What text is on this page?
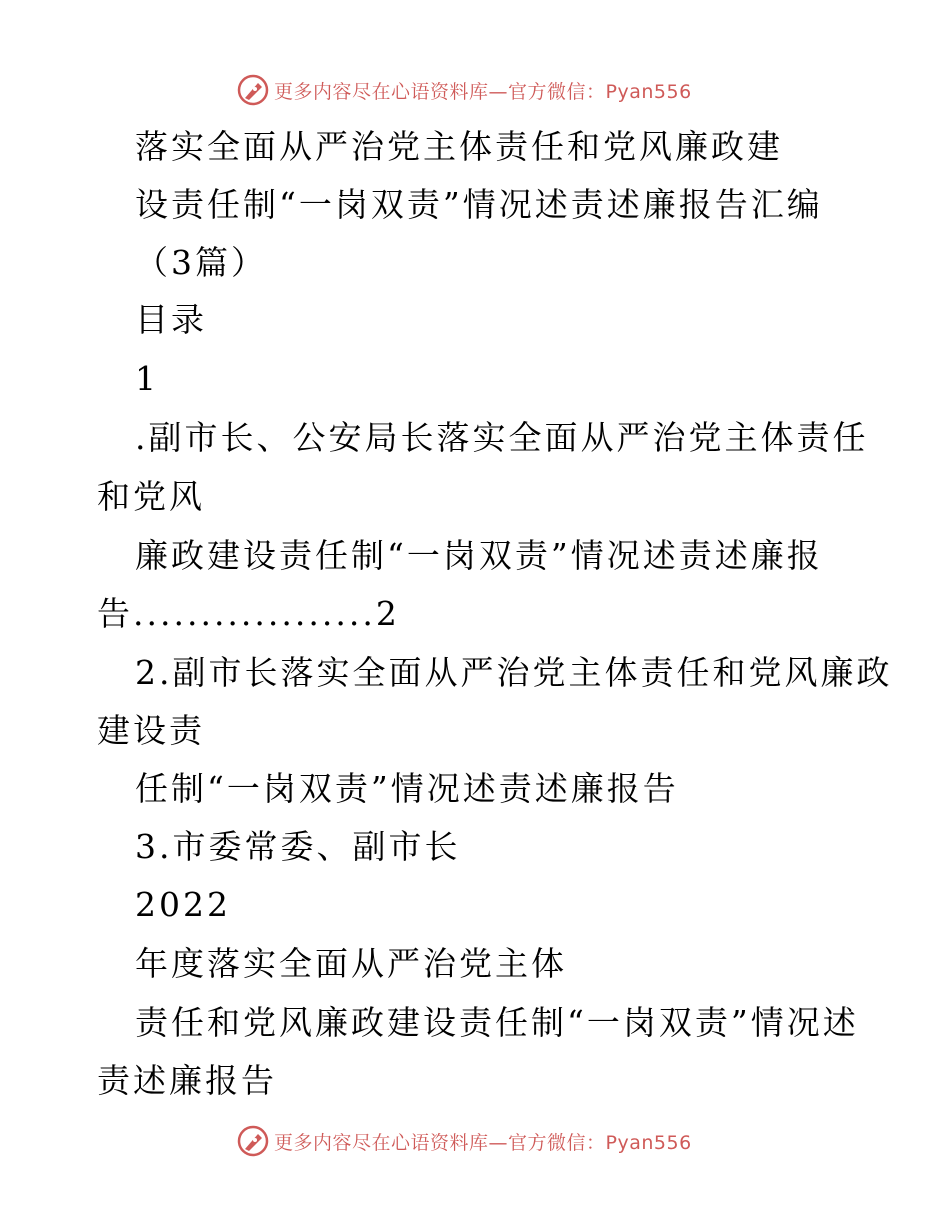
更多内容尽在心语资料库—官方微信：Pyan556
落实全面从严治党主体责任和党风廉政建
设责任制“一岗双责”情况述责述廉报告汇编
（3篇）
目录
1
.副市长、公安局长落实全面从严治党主体责任
和党风
廉政建设责任制“一岗双责”情况述责述廉报
告..................2
2.副市长落实全面从严治党主体责任和党风廉政
建设责
任制“一岗双责”情况述责述廉报告
3.市委常委、副市长
2022
年度落实全面从严治党主体
责任和党风廉政建设责任制“一岗双责”情况述
责述廉报告
更多内容尽在心语资料库—官方微信：Pyan556
